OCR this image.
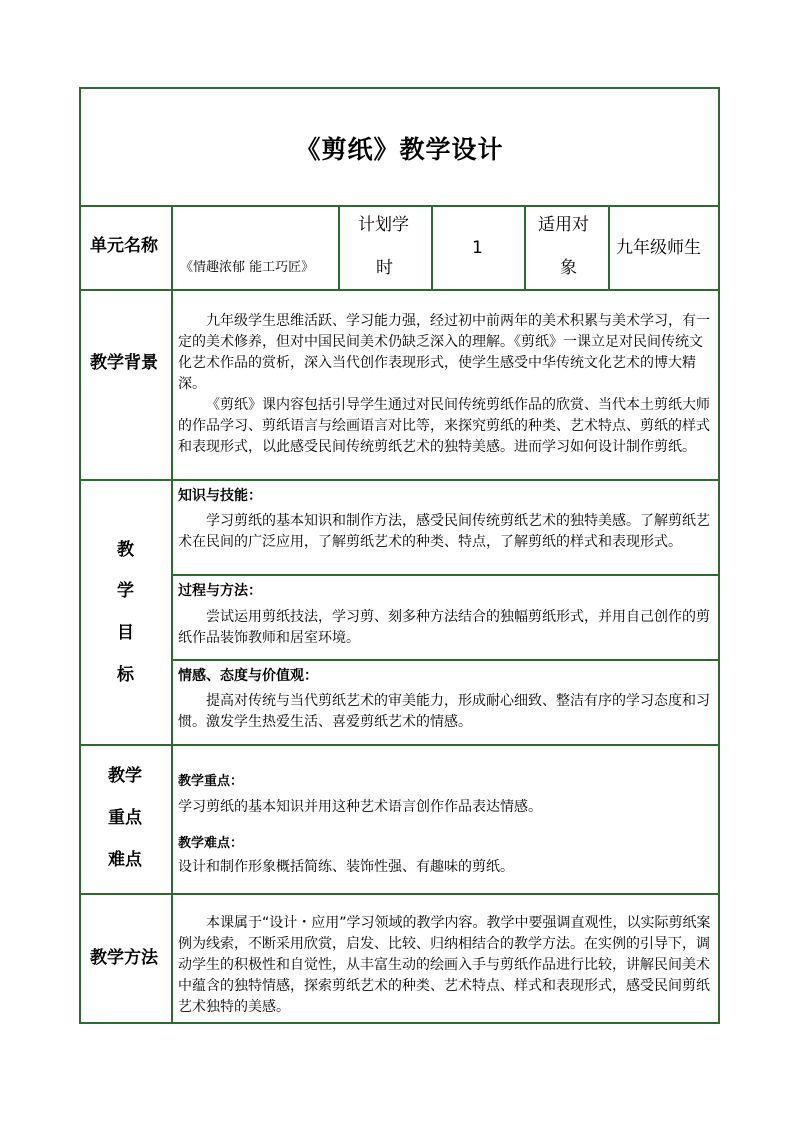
《剪纸》教学设计
单元名称
《情趣浓郁 能工巧匠》
计划学
时
1
适用对
象
九年级师生
教学背景
九年级学生思维活跃、学习能力强，经过初中前两年的美术积累与美术学习，有一定的美术修养，但对中国民间美术仍缺乏深入的理解。《剪纸》一课立足对民间传统文化艺术作品的赏析，深入当代创作表现形式，使学生感受中华传统文化艺术的博大精深。
《剪纸》课内容包括引导学生通过对民间传统剪纸作品的欣赏、当代本土剪纸大师的作品学习、剪纸语言与绘画语言对比等，来探究剪纸的种类、艺术特点、剪纸的样式和表现形式，以此感受民间传统剪纸艺术的独特美感。进而学习如何设计制作剪纸。
教
学
目
标
知识与技能：
学习剪纸的基本知识和制作方法，感受民间传统剪纸艺术的独特美感。了解剪纸艺术在民间的广泛应用，了解剪纸艺术的种类、特点，了解剪纸的样式和表现形式。
过程与方法：
尝试运用剪纸技法，学习剪、刻多种方法结合的独幅剪纸形式，并用自己创作的剪纸作品装饰教师和居室环境。
情感、态度与价值观：
提高对传统与当代剪纸艺术的审美能力，形成耐心细致、整洁有序的学习态度和习惯。激发学生热爱生活、喜爱剪纸艺术的情感。
教学
重点
难点
教学重点：
学习剪纸的基本知识并用这种艺术语言创作作品表达情感。
教学难点：
设计和制作形象概括简练、装饰性强、有趣味的剪纸。
教学方法
本课属于“设计・应用”学习领域的教学内容。教学中要强调直观性，以实际剪纸案例为线索，不断采用欣赏，启发、比较、归纳相结合的教学方法。在实例的引导下，调动学生的积极性和自觉性，从丰富生动的绘画入手与剪纸作品进行比较，讲解民间美术中蕴含的独特情感，探索剪纸艺术的种类、艺术特点、样式和表现形式，感受民间剪纸艺术独特的美感。
